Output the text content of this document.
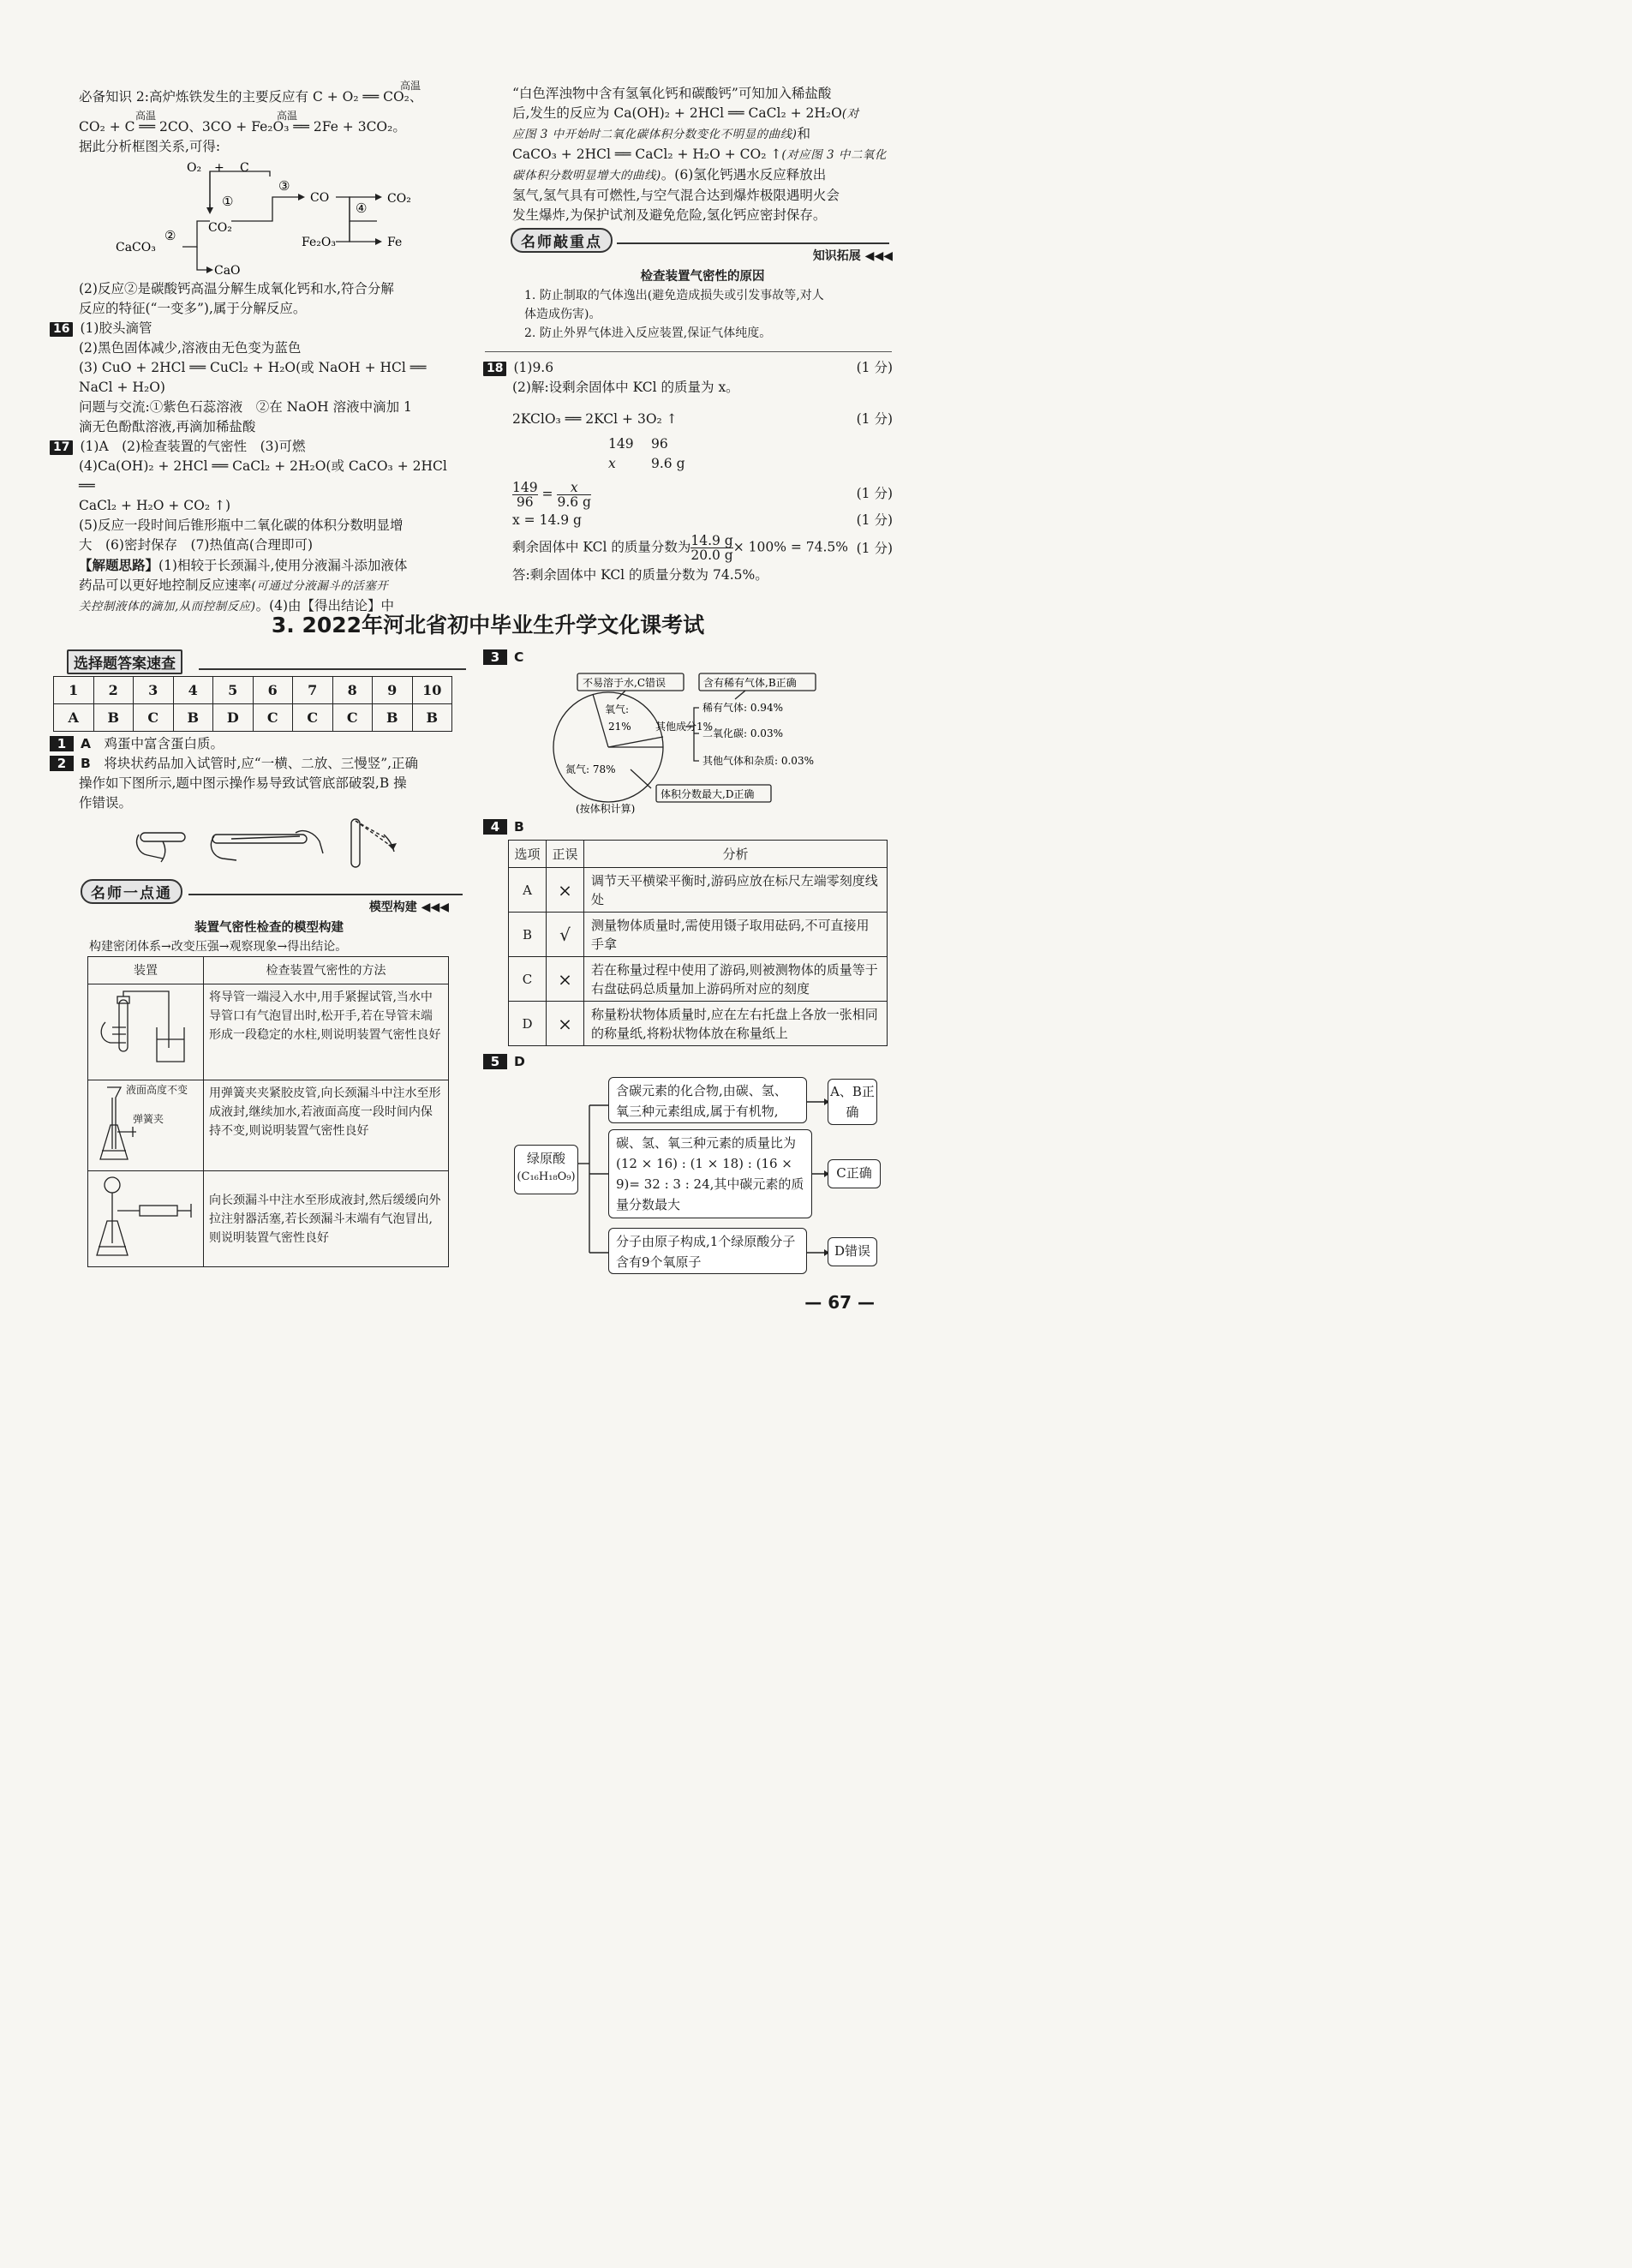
必备知识 2:高炉炼铁发生的主要反应有 C + O₂ ══ CO₂、

CO₂ + C ══ 2CO、3CO + Fe₂O₃ ══ 2Fe + 3CO₂。

据此分析框图关系,可得:

高温
高温	高温
O₂ + C
①
②
③
④
CaCO₃
CO₂
CaO
CO
Fe₂O₃
CO₂
Fe

(2)反应②是碳酸钙高温分解生成氧化钙和水,符合分解

反应的特征(“一变多”),属于分解反应。

16 (1)胶头滴管

(2)黑色固体减少,溶液由无色变为蓝色

(3) CuO + 2HCl ══ CuCl₂ + H₂O(或 NaOH + HCl ══

NaCl + H₂O)

问题与交流:①紫色石蕊溶液　②在 NaOH 溶液中滴加 1

滴无色酚酞溶液,再滴加稀盐酸

17 (1)A　(2)检查装置的气密性　(3)可燃

(4)Ca(OH)₂ + 2HCl ══ CaCl₂ + 2H₂O(或 CaCO₃ + 2HCl ══

CaCl₂ + H₂O + CO₂ ↑)

(5)反应一段时间后锥形瓶中二氧化碳的体积分数明显增

大　(6)密封保存　(7)热值高(合理即可)

【解题思路】(1)相较于长颈漏斗,使用分液漏斗添加液体

药品可以更好地控制反应速率(可通过分液漏斗的活塞开

关控制液体的滴加,从而控制反应)。(4)由【得出结论】中

“白色浑浊物中含有氢氧化钙和碳酸钙”可知加入稀盐酸

后,发生的反应为 Ca(OH)₂ + 2HCl ══ CaCl₂ + 2H₂O(对

应图 3 中开始时二氧化碳体积分数变化不明显的曲线)和

CaCO₃ + 2HCl ══ CaCl₂ + H₂O + CO₂ ↑(对应图 3 中二氧化

碳体积分数明显增大的曲线)。(6)氢化钙遇水反应释放出

氢气,氢气具有可燃性,与空气混合达到爆炸极限遇明火会

发生爆炸,为保护试剂及避免危险,氢化钙应密封保存。

名师敲重点

知识拓展 ◀◀◀

检查装置气密性的原因

1. 防止制取的气体逸出(避免造成损失或引发事故等,对人

体造成伤害)。

2. 防止外界气体进入反应装置,保证气体纯度。

18 (1)9.6	(1 分)

(2)解:设剩余固体中 KCl 的质量为 x。

2KClO₃ ══ 2KCl + 3O₂ ↑	(1 分)

149 96

x	9.6 g

$\frac{149}{96} = \frac{x}{9.6 g}$	(1 分)

x = 14.9 g	(1 分)

剩余固体中 KCl 的质量分数为 $\frac{14.9 g}{20.0 g} \times 100\% = 74.5\%$ (1 分)

答:剩余固体中 KCl 的质量分数为 74.5%。

3. 2022年河北省初中毕业生升学文化课考试
选择题答案速查
1	2	3	4	5	6	7	8	9	10
A	B	C	B	D	C	C	C	B	B

1 A　 鸡蛋中富含蛋白质。

2 B　 将块状药品加入试管时,应“一横、二放、三慢竖”,正确

操作如下图所示,题中图示操作易导致试管底部破裂,B 操

作错误。

名师一点通

模型构建 ◀◀◀

装置气密性检查的模型构建

构建密闭体系→改变压强→观察现象→得出结论。

装置	检查装置气密性的方法
	将导管一端浸入水中,用手紧握试管,当水中导管口有气泡冒出时,松开手,若在导管末端形成一段稳定的水柱,则说明装置气密性良好

液面高度不变
弹簧夹	用弹簧夹夹紧胶皮管,向长颈漏斗中注水至形成液封,继续加水,若液面高度一段时间内保持不变,则说明装置气密性良好
	向长颈漏斗中注水至形成液封,然后缓缓向外拉注射器活塞,若长颈漏斗末端有气泡冒出,则说明装置气密性良好
3 C
不易溶于水,C错误	含有稀有气体,B正确
体积分数最大,D正确
氧气:
21% 其他成分1%
氮气: 78%
稀有气体: 0.94%
二氧化碳: 0.03%
其他气体和杂质: 0.03%
(按体积计算)
4 B
选项	正误	分析
A	×	调节天平横梁平衡时,游码应放在标尺左端零刻度线处
B	√	测量物体质量时,需使用镊子取用砝码,不可直接用手拿
C	×	若在称量过程中使用了游码,则被测物体的质量等于右盘砝码总质量加上游码所对应的刻度
D	×	称量粉状物体质量时,应在左右托盘上各放一张相同的称量纸,将粉状物体放在称量纸上
5 D
绿原酸
(C₁₆H₁₈O₉)
含碳元素的化合物,由碳、氢、氧三种元素组成,属于有机物,
碳、氢、氧三种元素的质量比为(12 × 16) : (1 × 18) : (16 × 9)= 32 : 3 : 24,其中碳元素的质量分数最大
分子由原子构成,1个绿原酸分子含有9个氧原子
A、B正确
C正确
D错误
— 67 —
